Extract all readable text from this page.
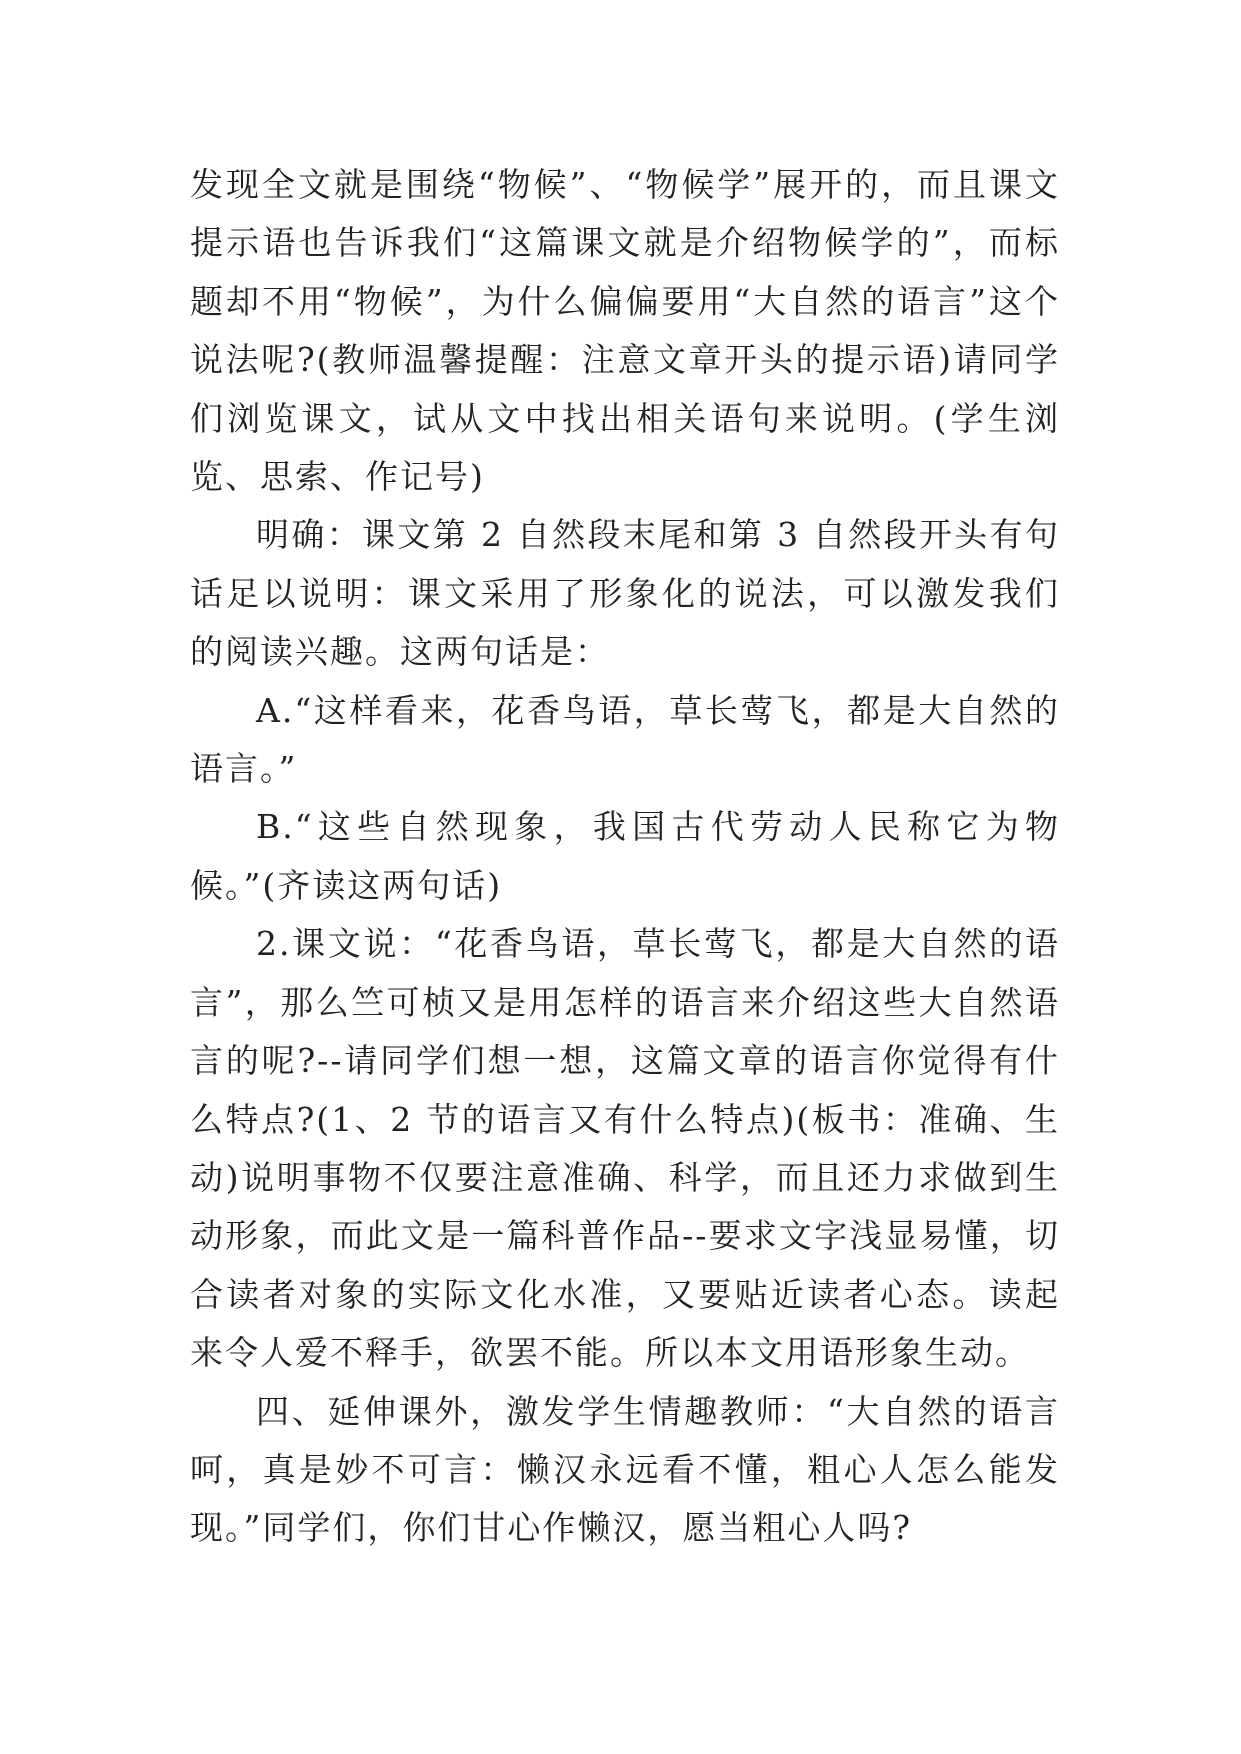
发现全文就是围绕“物候”、“物候学”展开的，而且课文提示语也告诉我们“这篇课文就是介绍物候学的”，而标题却不用“物候”，为什么偏偏要用“大自然的语言”这个说法呢?(教师温馨提醒：注意文章开头的提示语)请同学们浏览课文，试从文中找出相关语句来说明。(学生浏览、思索、作记号)

明确：课文第 2 自然段末尾和第 3 自然段开头有句话足以说明：课文采用了形象化的说法，可以激发我们的阅读兴趣。这两句话是：

A.“这样看来，花香鸟语，草长莺飞，都是大自然的语言。”

B.“这些自然现象，我国古代劳动人民称它为物候。”(齐读这两句话)

2.课文说：“花香鸟语，草长莺飞，都是大自然的语言”，那么竺可桢又是用怎样的语言来介绍这些大自然语言的呢?--请同学们想一想，这篇文章的语言你觉得有什么特点?(1、2 节的语言又有什么特点)(板书：准确、生动)说明事物不仅要注意准确、科学，而且还力求做到生动形象，而此文是一篇科普作品--要求文字浅显易懂，切合读者对象的实际文化水准，又要贴近读者心态。读起来令人爱不释手，欲罢不能。所以本文用语形象生动。

四、延伸课外，激发学生情趣教师：“大自然的语言呵，真是妙不可言：懒汉永远看不懂，粗心人怎么能发现。”同学们，你们甘心作懒汉，愿当粗心人吗?
